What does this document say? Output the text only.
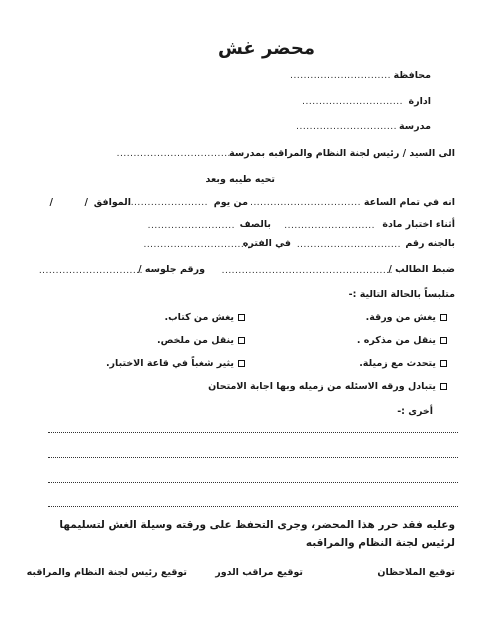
محضر غش
محافظة
..............................
ادارة
..............................
مدرسة
..............................
الى السيد / رئيس لجنة النظام والمراقبه بمدرسة
.....................................
تحيه طيبه وبعد
انه في تمام الساعة
.................................
من يوم
.........................
الموافق
/
/
أثناء اختبار مادة
...........................
بالصف
..........................
بالجنه رقم
...............................
في الفتره
................................
ضبط الطالب /
...................................................
ورقم جلوسه /
...............................
متلبساً بالحالة التالية :-
يغش من ورقة.
يغش من كتاب.
ينقل من مذكره .
ينقل من ملخص.
يتحدث مع زميلة.
يثير شغباً في قاعة الاختبار.
يتبادل ورقه الاسئله من زميله وبها اجابة الامتحان
أخرى :-
وعليه فقد حرر هذا المحضر، وجرى التحفظ على ورقته وسيلة الغش لتسليمها لرئيس لجنة النظام والمراقبه
توقيع الملاحظان
توقيع مراقب الدور
توقيع رئيس لجنة النظام والمراقبه
